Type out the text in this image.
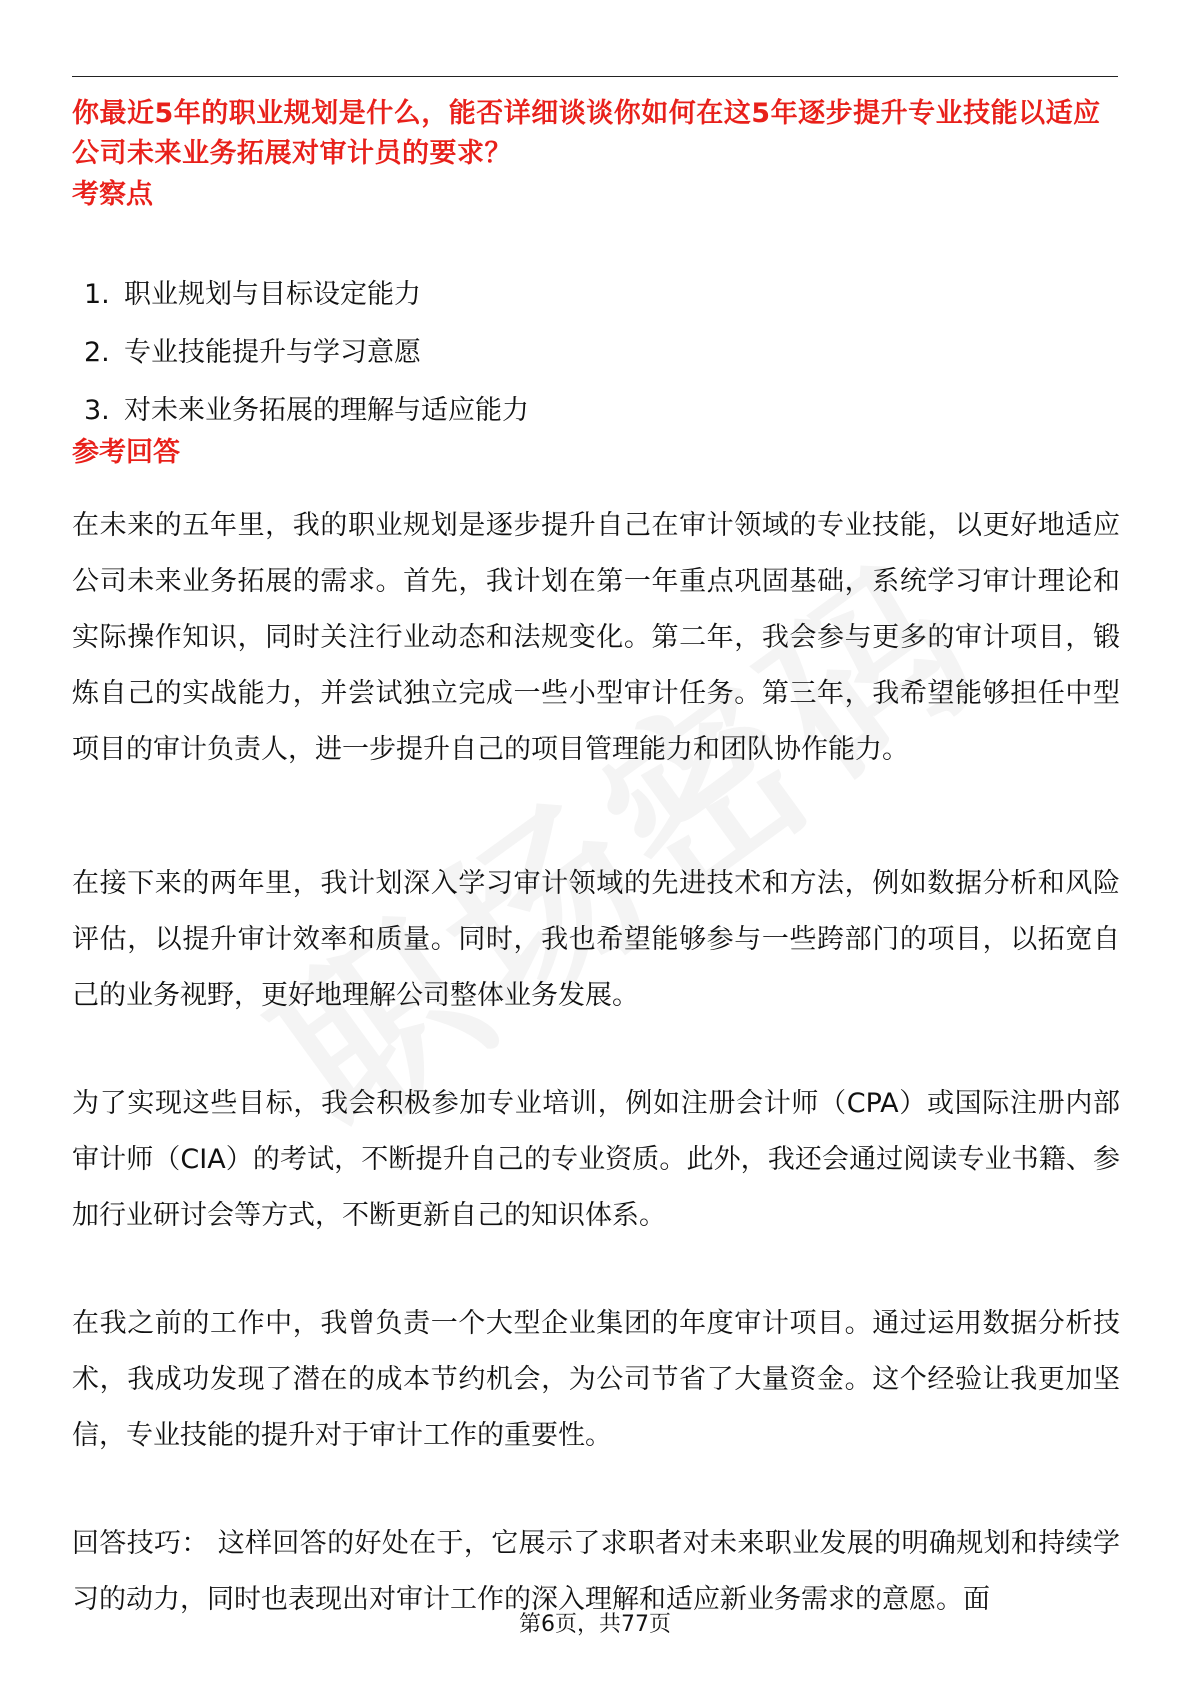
你最近5年的职业规划是什么，能否详细谈谈你如何在这5年逐步提升专业技能以适应公司未来业务拓展对审计员的要求？
考察点
1. 职业规划与目标设定能力
2. 专业技能提升与学习意愿
3. 对未来业务拓展的理解与适应能力
参考回答

在未来的五年里，我的职业规划是逐步提升自己在审计领域的专业技能，以更好地适应公司未来业务拓展的需求。首先，我计划在第一年重点巩固基础，系统学习审计理论和实际操作知识，同时关注行业动态和法规变化。第二年，我会参与更多的审计项目，锻炼自己的实战能力，并尝试独立完成一些小型审计任务。第三年，我希望能够担任中型项目的审计负责人，进一步提升自己的项目管理能力和团队协作能力。

在接下来的两年里，我计划深入学习审计领域的先进技术和方法，例如数据分析和风险评估，以提升审计效率和质量。同时，我也希望能够参与一些跨部门的项目，以拓宽自己的业务视野，更好地理解公司整体业务发展。

为了实现这些目标，我会积极参加专业培训，例如注册会计师（CPA）或国际注册内部审计师（CIA）的考试，不断提升自己的专业资质。此外，我还会通过阅读专业书籍、参加行业研讨会等方式，不断更新自己的知识体系。

在我之前的工作中，我曾负责一个大型企业集团的年度审计项目。通过运用数据分析技术，我成功发现了潜在的成本节约机会，为公司节省了大量资金。这个经验让我更加坚信，专业技能的提升对于审计工作的重要性。

回答技巧： 这样回答的好处在于，它展示了求职者对未来职业发展的明确规划和持续学习的动力，同时也表现出对审计工作的深入理解和适应新业务需求的意愿。面

第6页，共77页
